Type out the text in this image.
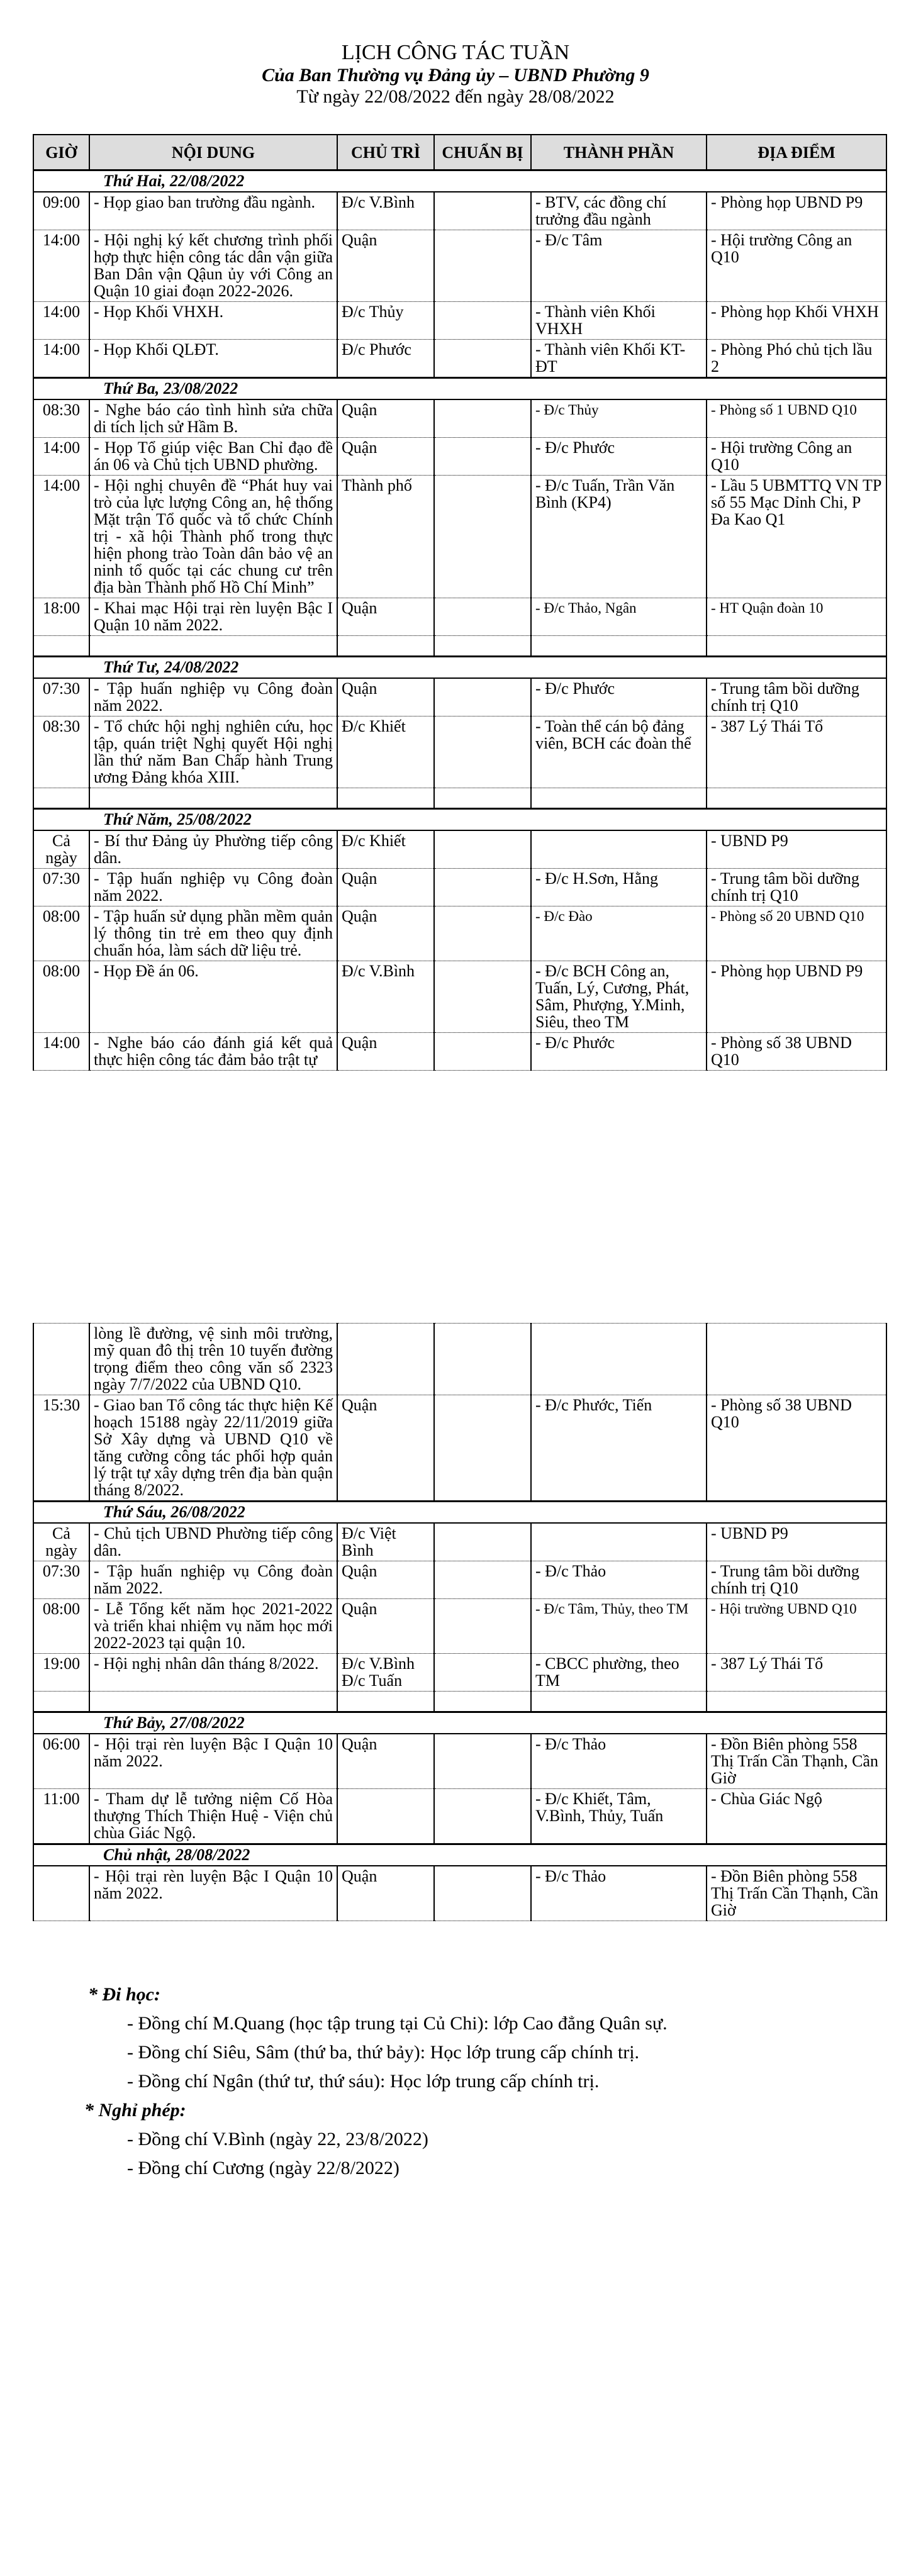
LỊCH CÔNG TÁC TUẦN
Của Ban Thường vụ Đảng ủy – UBND Phường 9
Từ ngày 22/08/2022 đến ngày 28/08/2022
GIỜ	NỘI DUNG	CHỦ TRÌ	CHUẨN BỊ	THÀNH PHẦN	ĐỊA ĐIỂM
Thứ Hai, 22/08/2022					
09:00	- Họp giao ban trường đầu ngành.	Đ/c V.Bình		- BTV, các đồng chí trưởng đầu ngành	- Phòng họp UBND P9
14:00	- Hội nghị ký kết chương trình phối hợp thực hiện công tác dân vận giữa Ban Dân vận Qậun ủy với Công an Quận 10 giai đoạn 2022-2026.	Quận		- Đ/c Tâm	- Hội trường Công an Q10
14:00	- Họp Khối VHXH.	Đ/c Thủy		- Thành viên Khối VHXH	- Phòng họp Khối VHXH
14:00	- Họp Khối QLĐT.	Đ/c Phước		- Thành viên Khối KT-ĐT	- Phòng Phó chủ tịch lầu 2
Thứ Ba, 23/08/2022					
08:30	- Nghe báo cáo tình hình sửa chữa di tích lịch sử Hầm B.	Quận		- Đ/c Thủy	- Phòng số 1 UBND Q10
14:00	- Họp Tổ giúp việc Ban Chỉ đạo đề án 06 và Chủ tịch UBND phường.	Quận		- Đ/c Phước	- Hội trường Công an Q10
14:00	- Hội nghị chuyên đề “Phát huy vai trò của lực lượng Công an, hệ thống Mặt trận Tổ quốc và tổ chức Chính trị - xã hội Thành phố trong thực hiện phong trào Toàn dân bảo vệ an ninh tổ quốc tại các chung cư trên địa bàn Thành phố Hồ Chí Minh”	Thành phố		- Đ/c Tuấn, Trần Văn Bình (KP4)	- Lầu 5 UBMTTQ VN TP số 55 Mạc Dỉnh Chi, P Đa Kao Q1
18:00	- Khai mạc Hội trại rèn luyện Bậc I Quận 10 năm 2022.	Quận		- Đ/c Thảo, Ngân	- HT Quận đoàn 10

Thứ Tư, 24/08/2022					
07:30	- Tập huấn nghiệp vụ Công đoàn năm 2022.	Quận		- Đ/c Phước	- Trung tâm bồi dưỡng chính trị Q10
08:30	- Tổ chức hội nghị nghiên cứu, học tập, quán triệt Nghị quyết Hội nghị lần thứ năm Ban Chấp hành Trung ương Đảng khóa XIII.	Đ/c Khiết		- Toàn thể cán bộ đảng viên, BCH các đoàn thể	- 387 Lý Thái Tổ

Thứ Năm, 25/08/2022					
Cả ngày	- Bí thư Đảng ủy Phường tiếp công dân.	Đ/c Khiết			- UBND P9
07:30	- Tập huấn nghiệp vụ Công đoàn năm 2022.	Quận		- Đ/c H.Sơn, Hằng	- Trung tâm bồi dưỡng chính trị Q10
08:00	- Tập huấn sử dụng phần mềm quản lý thông tin trẻ em theo quy định chuẩn hóa, làm sách dữ liệu trẻ.	Quận		- Đ/c Đào	- Phòng số 20 UBND Q10
08:00	- Họp Đề án 06.	Đ/c V.Bình		- Đ/c BCH Công an, Tuấn, Lý, Cương, Phát, Sâm, Phượng, Y.Minh, Siêu, theo TM	- Phòng họp UBND P9
14:00	- Nghe báo cáo đánh giá kết quả thực hiện công tác đảm bảo trật tự	Quận		- Đ/c Phước	- Phòng số 38 UBND Q10
	lòng lề đường, vệ sinh môi trường, mỹ quan đô thị trên 10 tuyến đường trọng điểm theo công văn số 2323 ngày 7/7/2022 của UBND Q10.				
15:30	- Giao ban Tổ công tác thực hiện Kế hoạch 15188 ngày 22/11/2019 giữa Sở Xây dựng và UBND Q10 về tăng cường công tác phối hợp quản lý trật tự xây dựng trên địa bàn quận tháng 8/2022.	Quận		- Đ/c Phước, Tiến	- Phòng số 38 UBND Q10
Thứ Sáu, 26/08/2022					
Cả ngày	- Chủ tịch UBND Phường tiếp công dân.	Đ/c Việt Bình			- UBND P9
07:30	- Tập huấn nghiệp vụ Công đoàn năm 2022.	Quận		- Đ/c Thảo	- Trung tâm bồi dưỡng chính trị Q10
08:00	- Lễ Tổng kết năm học 2021-2022 và triển khai nhiệm vụ năm học mới 2022-2023 tại quận 10.	Quận		- Đ/c Tâm, Thủy, theo TM	- Hội trường UBND Q10
19:00	- Hội nghị nhân dân tháng 8/2022.	Đ/c V.Bình Đ/c Tuấn		- CBCC phường, theo TM	- 387 Lý Thái Tổ

Thứ Bảy, 27/08/2022					
06:00	- Hội trại rèn luyện Bậc I Quận 10 năm 2022.	Quận		- Đ/c Thảo	- Đồn Biên phòng 558 Thị Trấn Cần Thạnh, Cần Giờ
11:00	- Tham dự lễ tưởng niệm Cố Hòa thượng Thích Thiện Huệ - Viện chủ chùa Giác Ngộ.			- Đ/c Khiết, Tâm, V.Bình, Thủy, Tuấn	- Chùa Giác Ngộ
Chủ nhật, 28/08/2022					
	- Hội trại rèn luyện Bậc I Quận 10 năm 2022.	Quận		- Đ/c Thảo	- Đồn Biên phòng 558 Thị Trấn Cần Thạnh, Cần Giờ
* Đi học:
- Đồng chí M.Quang (học tập trung tại Củ Chi): lớp Cao đẳng Quân sự.
- Đồng chí Siêu, Sâm (thứ ba, thứ bảy): Học lớp trung cấp chính trị.
- Đồng chí Ngân (thứ tư, thứ sáu): Học lớp trung cấp chính trị.
* Nghỉ phép:
- Đồng chí V.Bình (ngày 22, 23/8/2022)
- Đồng chí Cương (ngày 22/8/2022)
